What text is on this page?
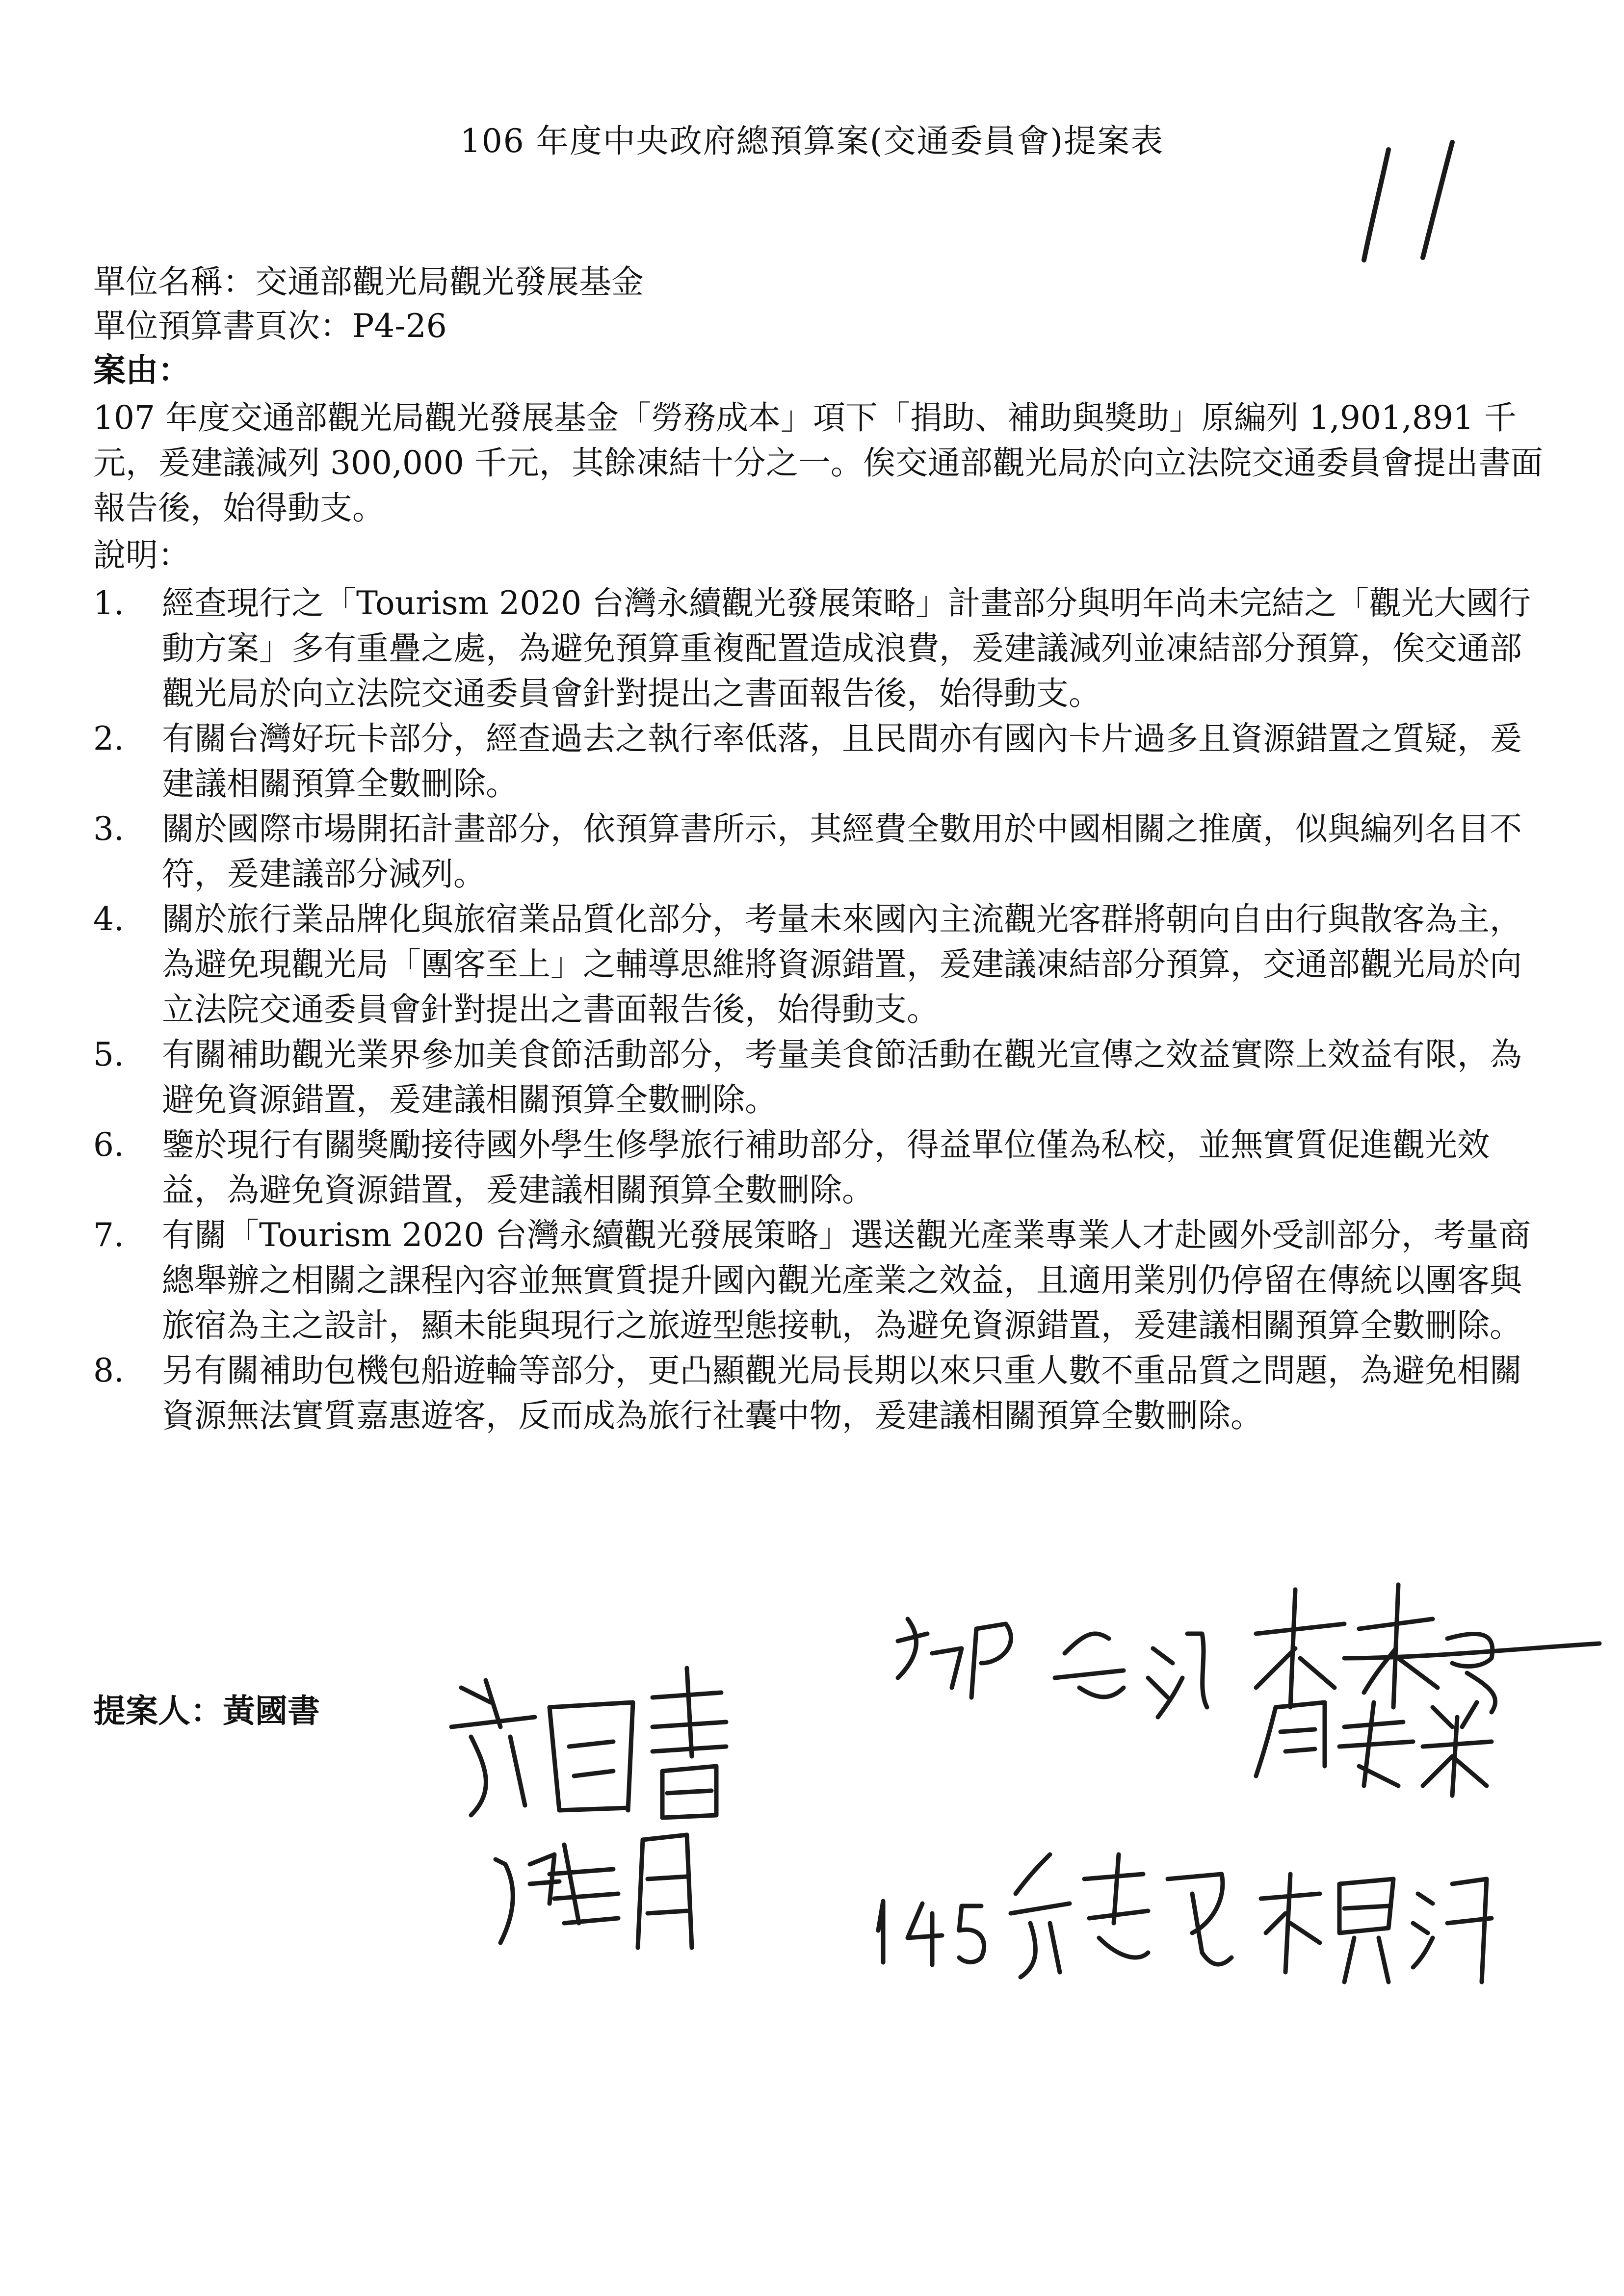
106 年度中央政府總預算案(交通委員會)提案表

單位名稱：交通部觀光局觀光發展基金

單位預算書頁次：P4-26

案由：

107 年度交通部觀光局觀光發展基金「勞務成本」項下「捐助、補助與獎助」原編列 1,901,891 千元，爰建議減列 300,000 千元，其餘凍結十分之一。俟交通部觀光局於向立法院交通委員會提出書面報告後，始得動支。

說明：

1. 經查現行之「Tourism 2020 台灣永續觀光發展策略」計畫部分與明年尚未完結之「觀光大國行動方案」多有重疊之處，為避免預算重複配置造成浪費，爰建議減列並凍結部分預算，俟交通部觀光局於向立法院交通委員會針對提出之書面報告後，始得動支。
2. 有關台灣好玩卡部分，經查過去之執行率低落，且民間亦有國內卡片過多且資源錯置之質疑，爰建議相關預算全數刪除。
3. 關於國際市場開拓計畫部分，依預算書所示，其經費全數用於中國相關之推廣，似與編列名目不符，爰建議部分減列。
4. 關於旅行業品牌化與旅宿業品質化部分，考量未來國內主流觀光客群將朝向自由行與散客為主，為避免現觀光局「團客至上」之輔導思維將資源錯置，爰建議凍結部分預算，交通部觀光局於向立法院交通委員會針對提出之書面報告後，始得動支。
5. 有關補助觀光業界參加美食節活動部分，考量美食節活動在觀光宣傳之效益實際上效益有限，為避免資源錯置，爰建議相關預算全數刪除。
6. 鑒於現行有關獎勵接待國外學生修學旅行補助部分，得益單位僅為私校，並無實質促進觀光效益，為避免資源錯置，爰建議相關預算全數刪除。
7. 有關「Tourism 2020 台灣永續觀光發展策略」選送觀光產業專業人才赴國外受訓部分，考量商總舉辦之相關之課程內容並無實質提升國內觀光產業之效益，且適用業別仍停留在傳統以團客與旅宿為主之設計，顯未能與現行之旅遊型態接軌，為避免資源錯置，爰建議相關預算全數刪除。
8. 另有關補助包機包船遊輪等部分，更凸顯觀光局長期以來只重人數不重品質之問題，為避免相關資源無法實質嘉惠遊客，反而成為旅行社囊中物，爰建議相關預算全數刪除。
提案人：黃國書
